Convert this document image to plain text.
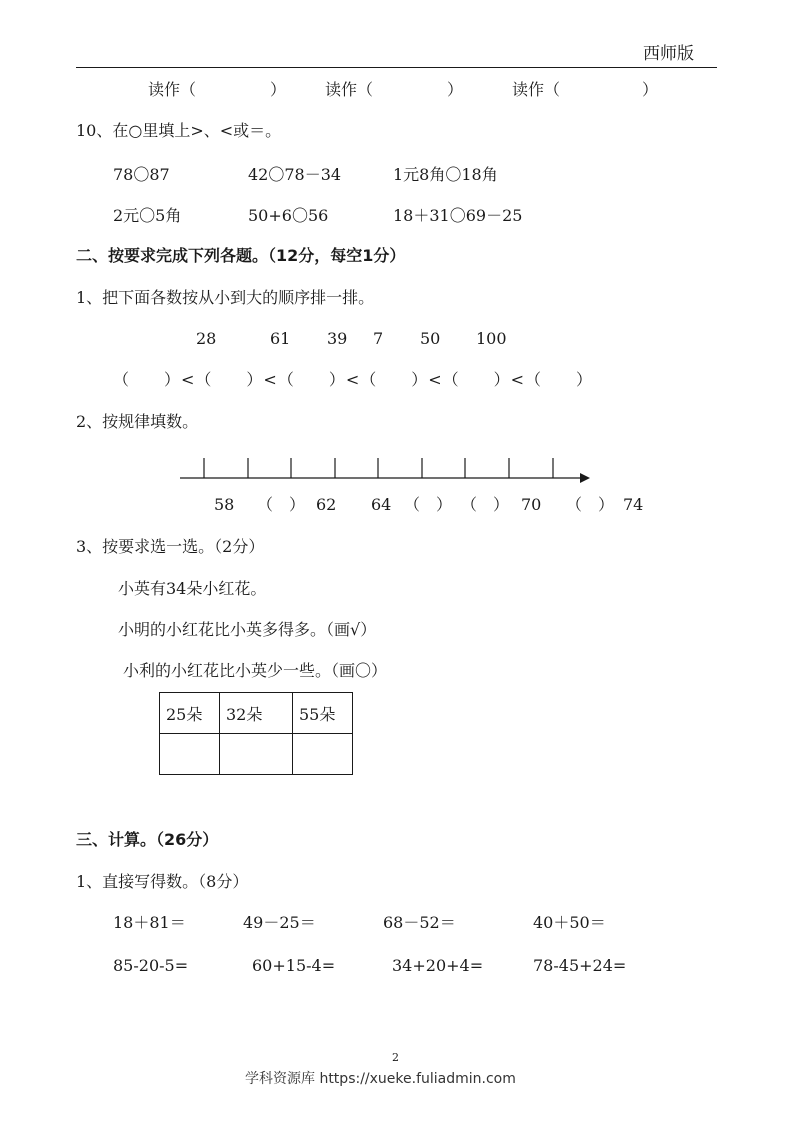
西师版
读作（	） 读作（	）	读作（	）
10、在○里填上>、<或＝。
78〇87	42〇78－34	1元8角〇18角
2元〇5角	50+6〇56	18＋31〇69－25
二、按要求完成下列各题。（12分，每空1分）
1、把下面各数按从小到大的顺序排一排。
28	61 39 7 50 100
（　　）<（　　）<（　　）<（　　）<（　　）<（　　）
2、按规律填数。
58 （　） 62 64 （　） （　） 70 （　） 74
3、按要求选一选。（2分）
小英有34朵小红花。
小明的小红花比小英多得多。（画√）
小利的小红花比小英少一些。（画〇）
25朵	32朵	55朵

三、计算。（26分）
1、直接写得数。（8分）
18＋81＝	49－25＝	68－52＝	40＋50＝
85-20-5=	60+15-4=	34+20+4=	78-45+24=
2
学科资源库 https://xueke.fuliadmin.com
